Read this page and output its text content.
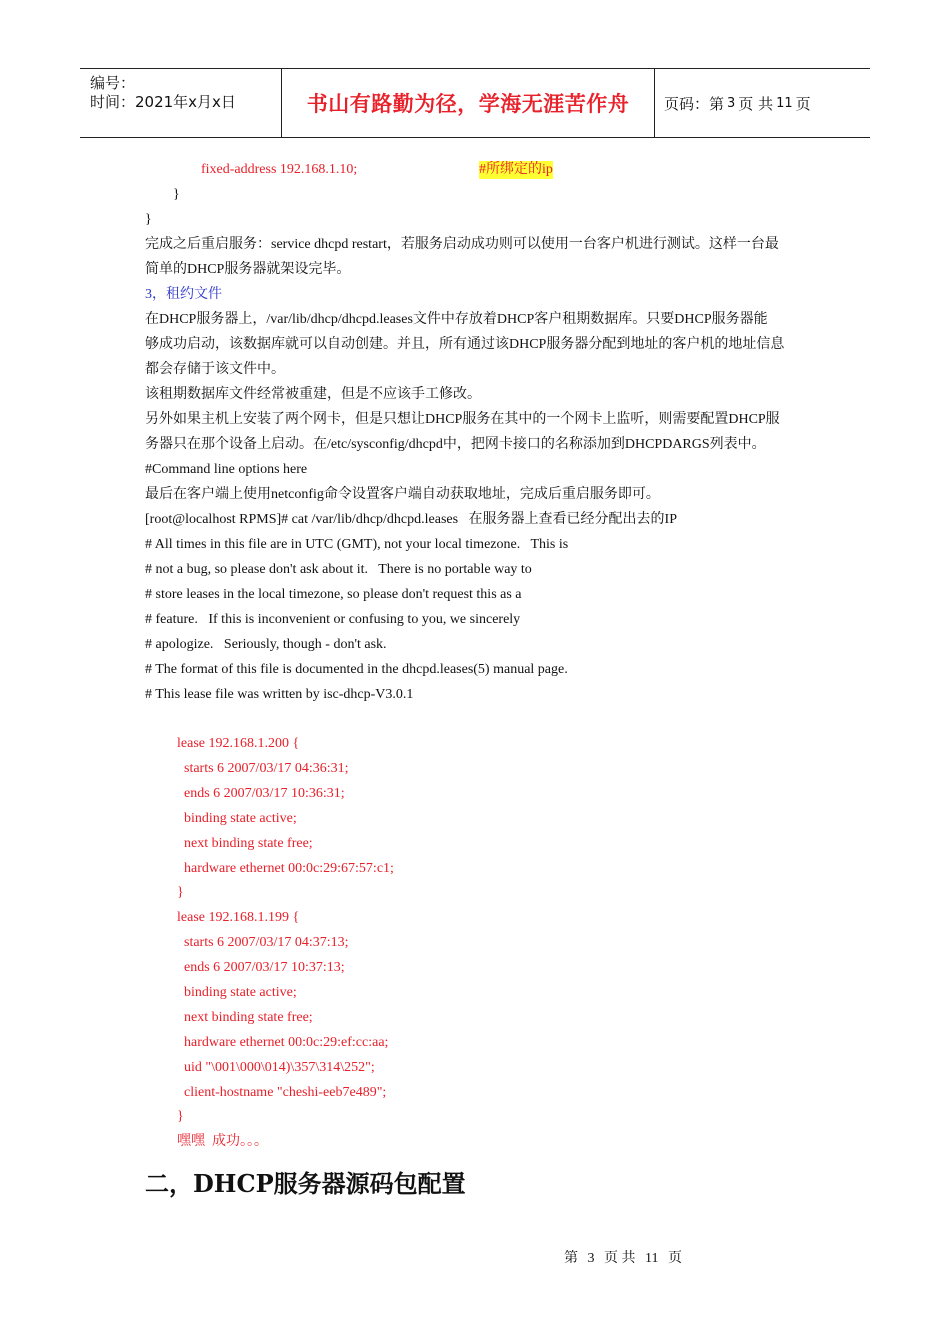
编号：
时间：2021年x月x日	书山有路勤为径，学海无涯苦作舟 页码：第 3 页 共 11 页
fixed-address 192.168.1.10;	#所绑定的ip
}
}
完成之后重启服务：service dhcpd restart，若服务启动成功则可以使用一台客户机进行测试。这样一台最
简单的DHCP服务器就架设完毕。
3，租约文件
在DHCP服务器上，/var/lib/dhcp/dhcpd.leases文件中存放着DHCP客户租期数据库。只要DHCP服务器能
够成功启动，该数据库就可以自动创建。并且，所有通过该DHCP服务器分配到地址的客户机的地址信息
都会存储于该文件中。
该租期数据库文件经常被重建，但是不应该手工修改。
另外如果主机上安装了两个网卡，但是只想让DHCP服务在其中的一个网卡上监听，则需要配置DHCP服
务器只在那个设备上启动。在/etc/sysconfig/dhcpd中，把网卡接口的名称添加到DHCPDARGS列表中。
#Command line options here
最后在客户端上使用netconfig命令设置客户端自动获取地址，完成后重启服务即可。
[root@localhost RPMS]# cat /var/lib/dhcp/dhcpd.leases   在服务器上查看已经分配出去的IP
# All times in this file are in UTC (GMT), not your local timezone.   This is
# not a bug, so please don't ask about it.   There is no portable way to
# store leases in the local timezone, so please don't request this as a
# feature.   If this is inconvenient or confusing to you, we sincerely
# apologize.   Seriously, though - don't ask.
# The format of this file is documented in the dhcpd.leases(5) manual page.
# This lease file was written by isc-dhcp-V3.0.1
lease 192.168.1.200 {
starts 6 2007/03/17 04:36:31;
ends 6 2007/03/17 10:36:31;
binding state active;
next binding state free;
hardware ethernet 00:0c:29:67:57:c1;
}
lease 192.168.1.199 {
starts 6 2007/03/17 04:37:13;
ends 6 2007/03/17 10:37:13;
binding state active;
next binding state free;
hardware ethernet 00:0c:29:ef:cc:aa;
uid "\001\000\014)\357\314\252";
client-hostname "cheshi-eeb7e489";
}
嘿嘿  成功。。。
二，DHCP服务器源码包配置
第 3 页 共 11 页
